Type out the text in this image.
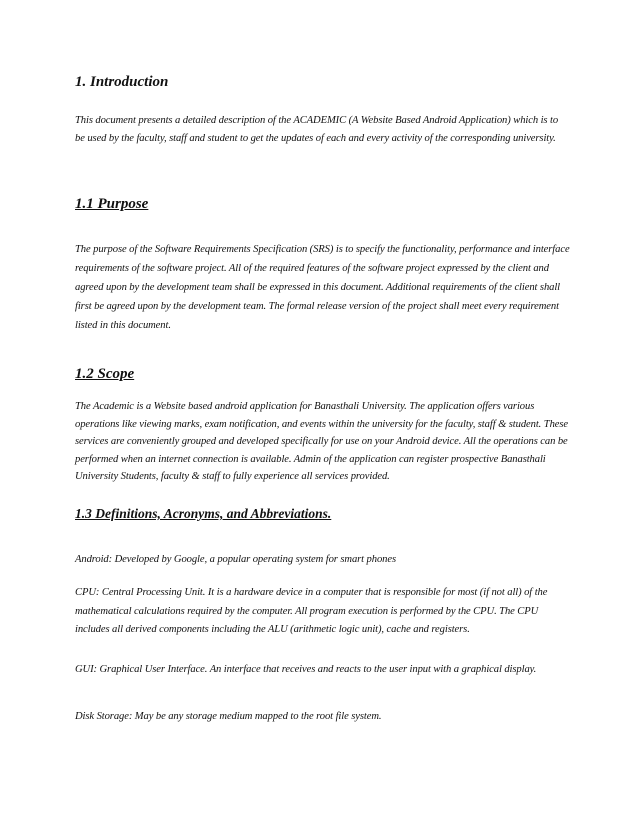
1. Introduction

This document presents a detailed description of the ACADEMIC (A Website Based Android Application) which is to be used by the faculty, staff and student to get the updates of each and every activity of the corresponding university.

1.1 Purpose

The purpose of the Software Requirements Specification (SRS) is to specify the functionality, performance and interface requirements of the software project. All of the required features of the software project expressed by the client and agreed upon by the development team shall be expressed in this document. Additional requirements of the client shall first be agreed upon by the development team. The formal release version of the project shall meet every requirement listed in this document.

1.2 Scope

The Academic is a Website based android application for Banasthali University. The application offers various operations like viewing marks, exam notification, and events within the university for the faculty, staff & student. These services are conveniently grouped and developed specifically for use on your Android device. All the operations can be performed when an internet connection is available. Admin of the application can register prospective Banasthali University Students, faculty & staff to fully experience all services provided.

1.3 Definitions, Acronyms, and Abbreviations.

Android: Developed by Google, a popular operating system for smart phones

CPU: Central Processing Unit. It is a hardware device in a computer that is responsible for most (if not all) of the mathematical calculations required by the computer. All program execution is performed by the CPU. The CPU includes all derived components including the ALU (arithmetic logic unit), cache and registers.

GUI: Graphical User Interface. An interface that receives and reacts to the user input with a graphical display.

Disk Storage: May be any storage medium mapped to the root file system.
